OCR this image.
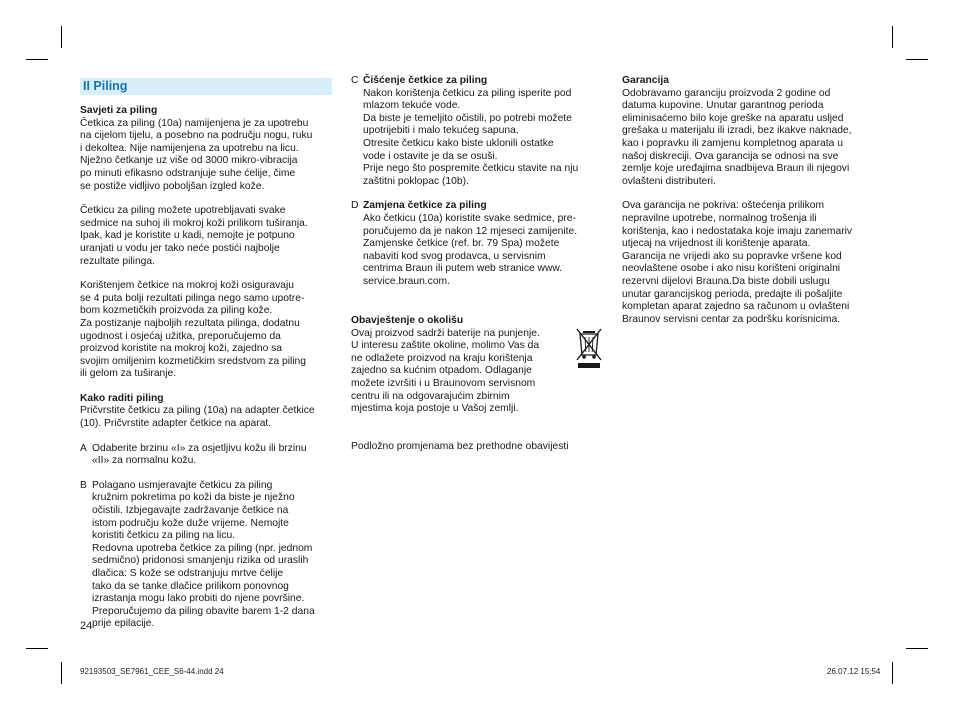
II Piling
Savjeti za piling

Četkica za piling (10a) namijenjena je za upotrebu

na cijelom tijelu, a posebno na području nogu, ruku

i dekoltea. Nije namijenjena za upotrebu na licu.

Nježno četkanje uz više od 3000 mikro-vibracija

po minuti efikasno odstranjuje suhe ćelije, čime

se postiže vidljivo poboljšan izgled kože.

Četkicu za piling možete upotrebljavati svake

sedmice na suhoj ili mokroj koži prilikom tuširanja.

Ipak, kad je koristite u kadi, nemojte je potpuno

uranjati u vodu jer tako neće postići najbolje

rezultate pilinga.

Korištenjem četkice na mokroj koži osiguravaju

se 4 puta bolji rezultati pilinga nego samo upotre-

bom kozmetičkih proizvoda za piling kože.

Za postizanje najboljih rezultata pilinga, dodatnu

ugodnost i osjećaj užitka, preporučujemo da

proizvod koristite na mokroj koži, zajedno sa

svojim omiljenim kozmetičkim sredstvom za piling

ili gelom za tuširanje.

Kako raditi piling

Pričvrstite četkicu za piling (10a) na adapter četkice

(10). Pričvrstite adapter četkice na aparat.

A Odaberite brzinu «I» za osjetljivu kožu ili brzinu

«II» za normalnu kožu.

B Polagano usmjeravajte četkicu za piling

kružnim pokretima po koži da biste je nježno

očistili. Izbjegavajte zadržavanje četkice na

istom području kože duže vrijeme. Nemojte

koristiti četkicu za piling na licu.

Redovna upotreba četkice za piling (npr. jednom

sedmično) pridonosi smanjenju rizika od uraslih

dlačica: S kože se odstranjuju mrtve ćelije

tako da se tanke dlačice prilikom ponovnog

izrastanja mogu lako probiti do njene površine.

Preporučujemo da piling obavite barem 1-2 dana

prije epilacije.

C Čišćenje četkice za piling

Nakon korištenja četkicu za piling isperite pod

mlazom tekuće vode.

Da biste je temeljito očistili, po potrebi možete

upotrijebiti i malo tekućeg sapuna.

Otresite četkicu kako biste uklonili ostatke

vode i ostavite je da se osuši.

Prije nego što pospremite četkicu stavite na nju

zaštitni poklopac (10b).

D Zamjena četkice za piling

Ako četkicu (10a) koristite svake sedmice, pre-

poručujemo da je nakon 12 mjeseci zamijenite.

Zamjenske četkice (ref. br. 79 Spa) možete

nabaviti kod svog prodavca, u servisnim

centrima Braun ili putem web stranice www.

service.braun.com.

Obavještenje o okolišu

Ovaj proizvod sadrži baterije na punjenje.

U interesu zaštite okoline, molimo Vas da

ne odlažete proizvod na kraju korištenja

zajedno sa kućnim otpadom. Odlaganje

možete izvršiti i u Braunovom servisnom

centru ili na odgovarajućim zbirnim

mjestima koja postoje u Vašoj zemlji.

Podložno promjenama bez prethodne obavijesti
Garancija

Odobravamo garanciju proizvoda 2 godine od

datuma kupovine. Unutar garantnog perioda

eliminisaćemo bilo koje greške na aparatu usljed

grešaka u materijalu ili izradi, bez ikakve naknade,

kao i popravku ili zamjenu kompletnog aparata u

našoj diskreciji. Ova garancija se odnosi na sve

zemlje koje uređajima snadbijeva Braun ili njegovi

ovlašteni distributeri.

Ova garancija ne pokriva: oštećenja prilikom

nepravilne upotrebe, normalnog trošenja ili

korištenja, kao i nedostataka koje imaju zanemariv

utjecaj na vrijednost ili korištenje aparata.

Garancija ne vrijedi ako su popravke vršene kod

neovlaštene osobe i ako nisu korišteni originalni

rezervni dijelovi Brauna.Da biste dobili uslugu

unutar garancijskog perioda, predajte ili pošaljite

kompletan aparat zajedno sa računom u ovlašteni

Braunov servisni centar za podršku korisnicima.

24
92193503_SE7961_CEE_S6-44.indd 24	26.07.12 15:54
